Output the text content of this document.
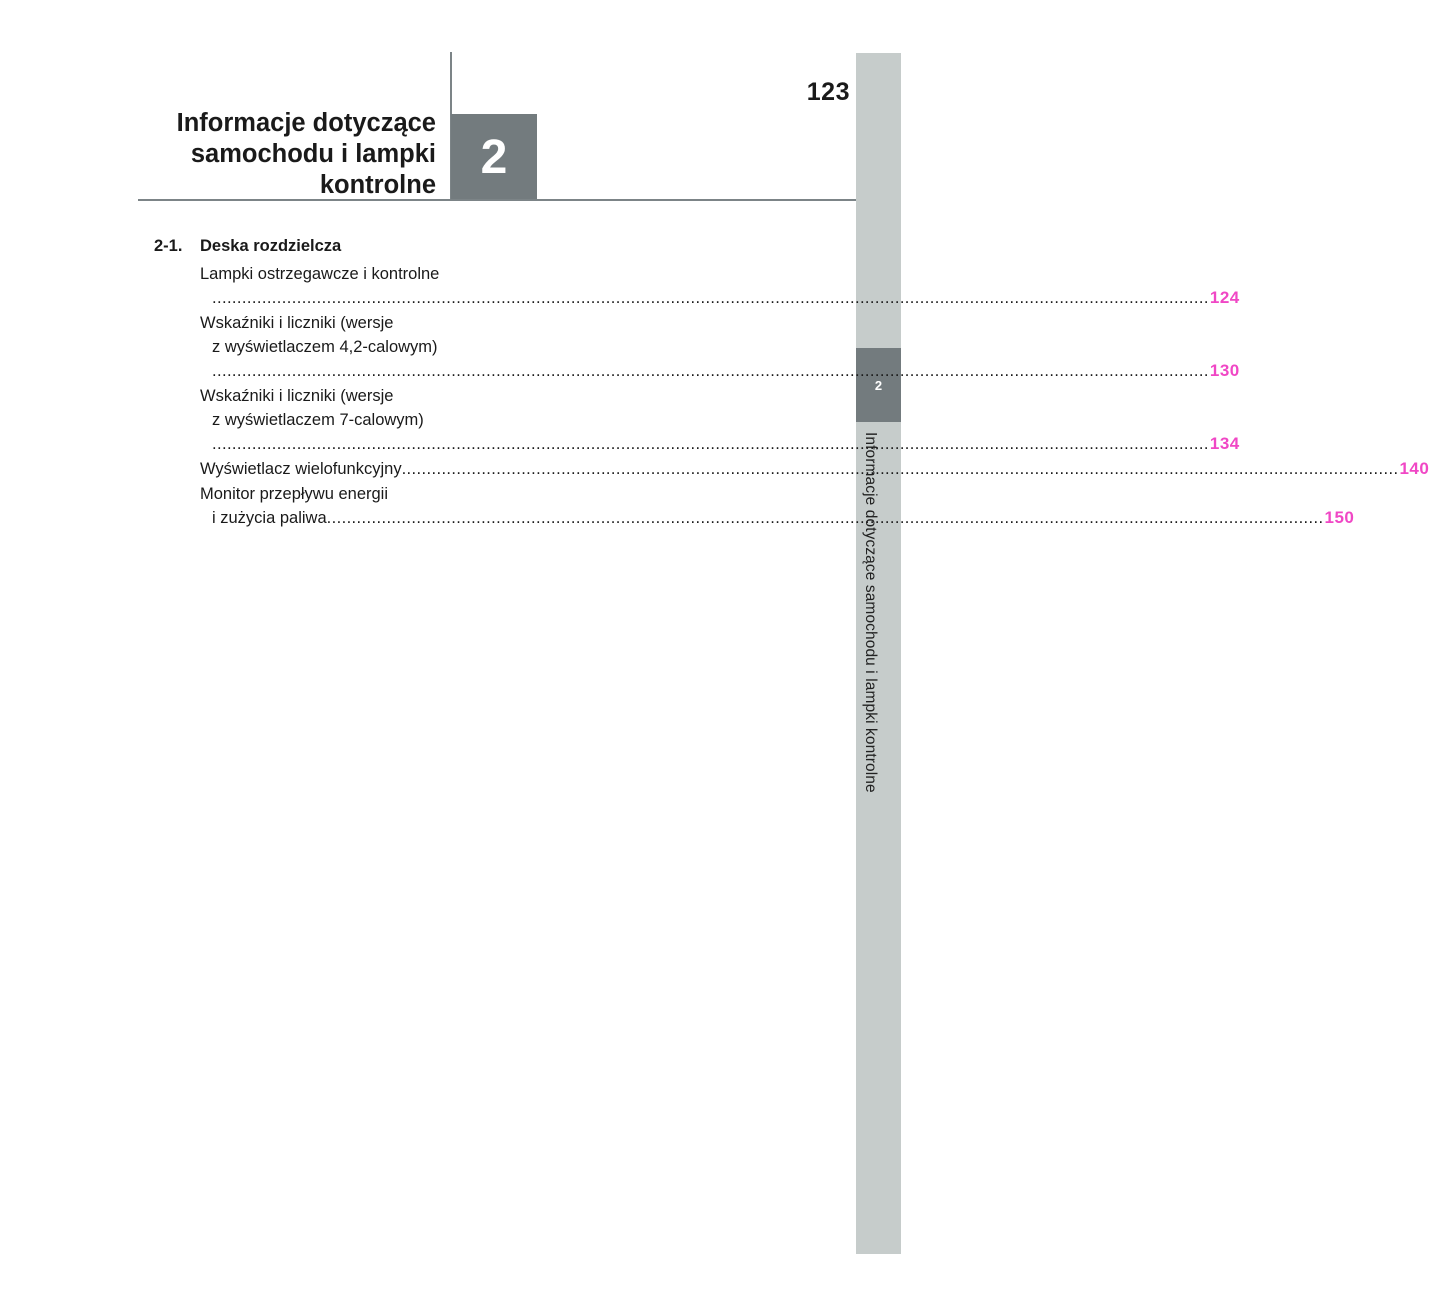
123
Informacje dotyczące
samochodu i lampki
kontrolne
2
2
Informacje dotyczące samochodu i lampki kontrolne
2-1. Deska rozdzielcza
Lampki ostrzegawcze i kontrolne
........................................................................................................................................................................................................ 124
Wskaźniki i liczniki (wersje
z wyświetlaczem 4,2-calowym)
........................................................................................................................................................................................................ 130
Wskaźniki i liczniki (wersje
z wyświetlaczem 7-calowym)
........................................................................................................................................................................................................ 134
Wyświetlacz wielofunkcyjny ........................................................................................................................................................................................................ 140
Monitor przepływu energii
i zużycia paliwa ........................................................................................................................................................................................................ 150
